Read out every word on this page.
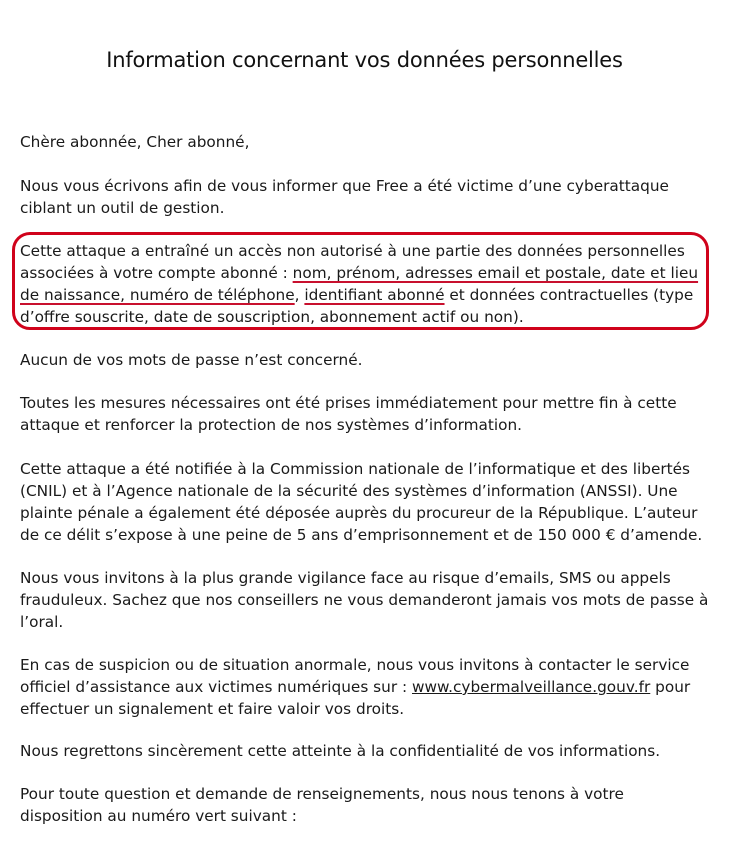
Information concernant vos données personnelles

Chère abonnée, Cher abonné,

Nous vous écrivons afin de vous informer que Free a été victime d’une cyberattaque ciblant un outil de gestion.

Cette attaque a entraîné un accès non autorisé à une partie des données personnelles associées à votre compte abonné : nom, prénom, adresses email et postale, date et lieu de naissance, numéro de téléphone, identifiant abonné et données contractuelles (type d’offre souscrite, date de souscription, abonnement actif ou non).

Aucun de vos mots de passe n’est concerné.

Toutes les mesures nécessaires ont été prises immédiatement pour mettre fin à cette attaque et renforcer la protection de nos systèmes d’information.

Cette attaque a été notifiée à la Commission nationale de l’informatique et des libertés (CNIL) et à l’Agence nationale de la sécurité des systèmes d’information (ANSSI). Une plainte pénale a également été déposée auprès du procureur de la République. L’auteur de ce délit s’expose à une peine de 5 ans d’emprisonnement et de 150 000 € d’amende.

Nous vous invitons à la plus grande vigilance face au risque d’emails, SMS ou appels frauduleux. Sachez que nos conseillers ne vous demanderont jamais vos mots de passe à l’oral.

En cas de suspicion ou de situation anormale, nous vous invitons à contacter le service officiel d’assistance aux victimes numériques sur : www.cybermalveillance.gouv.fr pour effectuer un signalement et faire valoir vos droits.

Nous regrettons sincèrement cette atteinte à la confidentialité de vos informations.

Pour toute question et demande de renseignements, nous nous tenons à votre disposition au numéro vert suivant :
